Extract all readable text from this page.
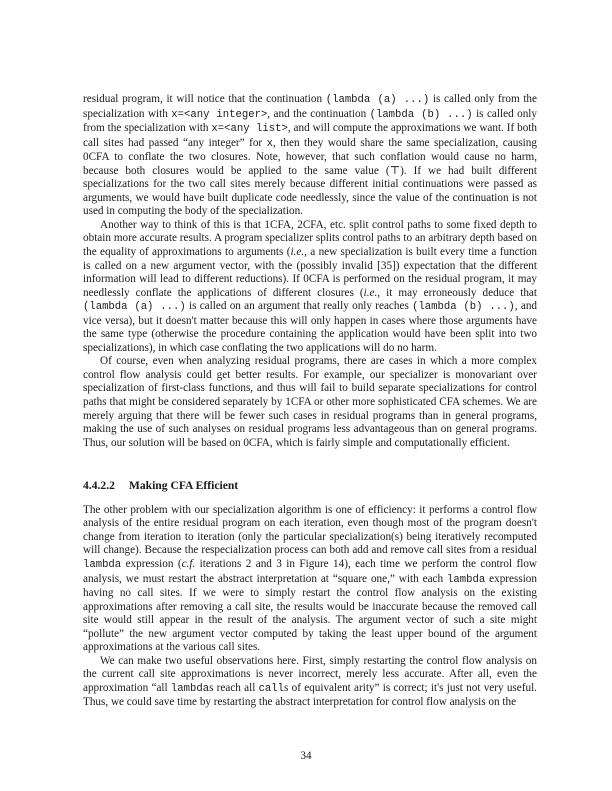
residual program, it will notice that the continuation (lambda (a) ...) is called only from the specialization with x=<any integer>, and the continuation (lambda (b) ...) is called only from the specialization with x=<any list>, and will compute the approximations we want. If both call sites had passed “any integer” for x, then they would share the same specialization, causing 0CFA to conflate the two closures. Note, however, that such conflation would cause no harm, because both closures would be applied to the same value (⊤). If we had built different specializations for the two call sites merely because different initial continuations were passed as arguments, we would have built duplicate code needlessly, since the value of the continuation is not used in computing the body of the specialization.

Another way to think of this is that 1CFA, 2CFA, etc. split control paths to some fixed depth to obtain more accurate results. A program specializer splits control paths to an arbitrary depth based on the equality of approximations to arguments (i.e., a new specialization is built every time a function is called on a new argument vector, with the (possibly invalid [35]) expectation that the different information will lead to different reductions). If 0CFA is performed on the residual program, it may needlessly conflate the applications of different closures (i.e., it may erroneously deduce that (lambda (a) ...) is called on an argument that really only reaches (lambda (b) ...), and vice versa), but it doesn't matter because this will only happen in cases where those arguments have the same type (otherwise the procedure containing the application would have been split into two specializations), in which case conflating the two applications will do no harm.

Of course, even when analyzing residual programs, there are cases in which a more complex control flow analysis could get better results. For example, our specializer is monovariant over specialization of first-class functions, and thus will fail to build separate specializations for control paths that might be considered separately by 1CFA or other more sophisticated CFA schemes. We are merely arguing that there will be fewer such cases in residual programs than in general programs, making the use of such analyses on residual programs less advantageous than on general programs. Thus, our solution will be based on 0CFA, which is fairly simple and computationally efficient.

4.4.2.2 Making CFA Efficient

The other problem with our specialization algorithm is one of efficiency: it performs a control flow analysis of the entire residual program on each iteration, even though most of the program doesn't change from iteration to iteration (only the particular specialization(s) being iteratively recomputed will change). Because the respecialization process can both add and remove call sites from a residual lambda expression (c.f. iterations 2 and 3 in Figure 14), each time we perform the control flow analysis, we must restart the abstract interpretation at “square one,” with each lambda expression having no call sites. If we were to simply restart the control flow analysis on the existing approximations after removing a call site, the results would be inaccurate because the removed call site would still appear in the result of the analysis. The argument vector of such a site might “pollute” the new argument vector computed by taking the least upper bound of the argument approximations at the various call sites.

We can make two useful observations here. First, simply restarting the control flow analysis on the current call site approximations is never incorrect, merely less accurate. After all, even the approximation “all lambdas reach all calls of equivalent arity” is correct; it's just not very useful. Thus, we could save time by restarting the abstract interpretation for control flow analysis on the

34
